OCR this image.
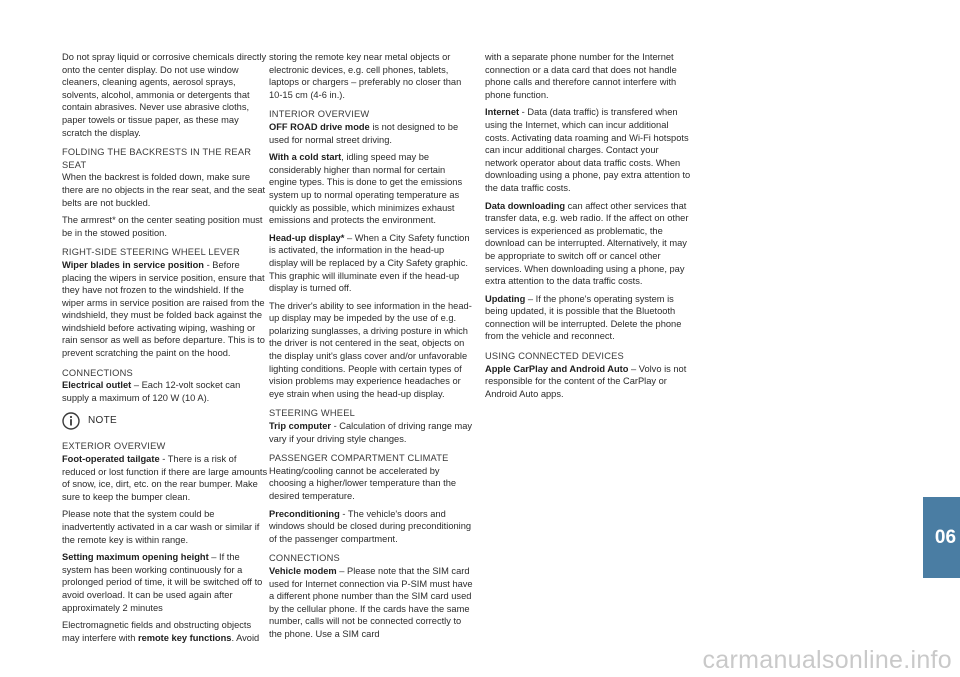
Do not spray liquid or corrosive chemicals directly onto the center display. Do not use window cleaners, cleaning agents, aerosol sprays, solvents, alcohol, ammonia or detergents that contain abrasives. Never use abrasive cloths, paper towels or tissue paper, as these may scratch the display.

FOLDING THE BACKRESTS IN THE REAR SEAT

When the backrest is folded down, make sure there are no objects in the rear seat, and the seat belts are not buckled.

The armrest* on the center seating position must be in the stowed position.

RIGHT-SIDE STEERING WHEEL LEVER

Wiper blades in service position - Before placing the wipers in service position, ensure that they have not frozen to the windshield. If the wiper arms in service position are raised from the windshield, they must be folded back against the windshield before activating wiping, washing or rain sensor as well as before departure. This is to prevent scratching the paint on the hood.

CONNECTIONS

Electrical outlet – Each 12-volt socket can supply a maximum of 120 W (10 A).

NOTE
EXTERIOR OVERVIEW

Foot-operated tailgate - There is a risk of reduced or lost function if there are large amounts of snow, ice, dirt, etc. on the rear bumper. Make sure to keep the bumper clean.

Please note that the system could be inadvertently activated in a car wash or similar if the remote key is within range.

Setting maximum opening height – If the system has been working continuously for a prolonged period of time, it will be switched off to avoid overload. It can be used again after approximately 2 minutes

Electromagnetic fields and obstructing objects may interfere with remote key functions. Avoid

storing the remote key near metal objects or electronic devices, e.g. cell phones, tablets, laptops or chargers – preferably no closer than 10-15 cm (4-6 in.).

INTERIOR OVERVIEW

OFF ROAD drive mode is not designed to be used for normal street driving.

With a cold start, idling speed may be considerably higher than normal for certain engine types. This is done to get the emissions system up to normal operating temperature as quickly as possible, which minimizes exhaust emissions and protects the environment.

Head-up display* – When a City Safety function is activated, the information in the head-up display will be replaced by a City Safety graphic. This graphic will illuminate even if the head-up display is turned off.

The driver's ability to see information in the head-up display may be impeded by the use of e.g. polarizing sunglasses, a driving posture in which the driver is not centered in the seat, objects on the display unit's glass cover and/or unfavorable lighting conditions. People with certain types of vision problems may experience headaches or eye strain when using the head-up display.

STEERING WHEEL

Trip computer - Calculation of driving range may vary if your driving style changes.

PASSENGER COMPARTMENT CLIMATE

Heating/cooling cannot be accelerated by choosing a higher/lower temperature than the desired temperature.

Preconditioning - The vehicle's doors and windows should be closed during preconditioning of the passenger compartment.

CONNECTIONS

Vehicle modem – Please note that the SIM card used for Internet connection via P-SIM must have a different phone number than the SIM card used by the cellular phone. If the cards have the same number, calls will not be connected correctly to the phone. Use a SIM card

with a separate phone number for the Internet connection or a data card that does not handle phone calls and therefore cannot interfere with phone function.

Internet - Data (data traffic) is transfered when using the Internet, which can incur additional costs. Activating data roaming and Wi-Fi hotspots can incur additional charges. Contact your network operator about data traffic costs. When downloading using a phone, pay extra attention to the data traffic costs.

Data downloading can affect other services that transfer data, e.g. web radio. If the affect on other services is experienced as problematic, the download can be interrupted. Alternatively, it may be appropriate to switch off or cancel other services. When downloading using a phone, pay extra attention to the data traffic costs.

Updating – If the phone's operating system is being updated, it is possible that the Bluetooth connection will be interrupted. Delete the phone from the vehicle and reconnect.

USING CONNECTED DEVICES

Apple CarPlay and Android Auto – Volvo is not responsible for the content of the CarPlay or Android Auto apps.

06
carmanualsonline.info
